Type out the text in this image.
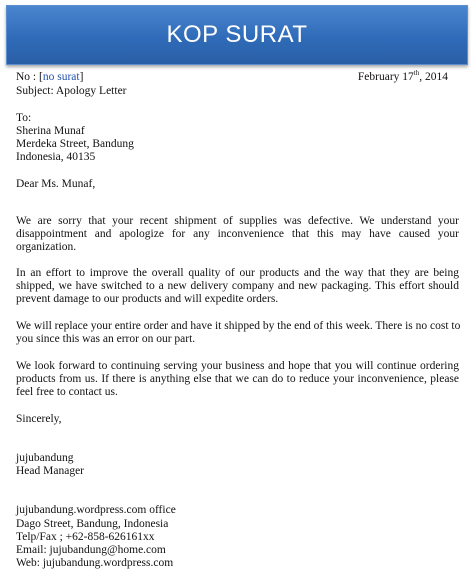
KOP SURAT
No : [no surat]	February 17th, 2014
Subject: Apology Letter
To:
Sherina Munaf
Merdeka Street, Bandung
Indonesia, 40135
Dear Ms. Munaf,
We are sorry that your recent shipment of supplies was defective. We understand your
disappointment and apologize for any inconvenience that this may have caused your
organization.
In an effort to improve the overall quality of our products and the way that they are being
shipped, we have switched to a new delivery company and new packaging. This effort should
prevent damage to our products and will expedite orders.
We will replace your entire order and have it shipped by the end of this week. There is no cost to
you since this was an error on our part.
We look forward to continuing serving your business and hope that you will continue ordering
products from us. If there is anything else that we can do to reduce your inconvenience, please
feel free to contact us.
Sincerely,
jujubandung
Head Manager
jujubandung.wordpress.com office
Dago Street, Bandung, Indonesia
Telp/Fax ; +62-858-626161xx
Email: jujubandung@home.com
Web: jujubandung.wordpress.com
